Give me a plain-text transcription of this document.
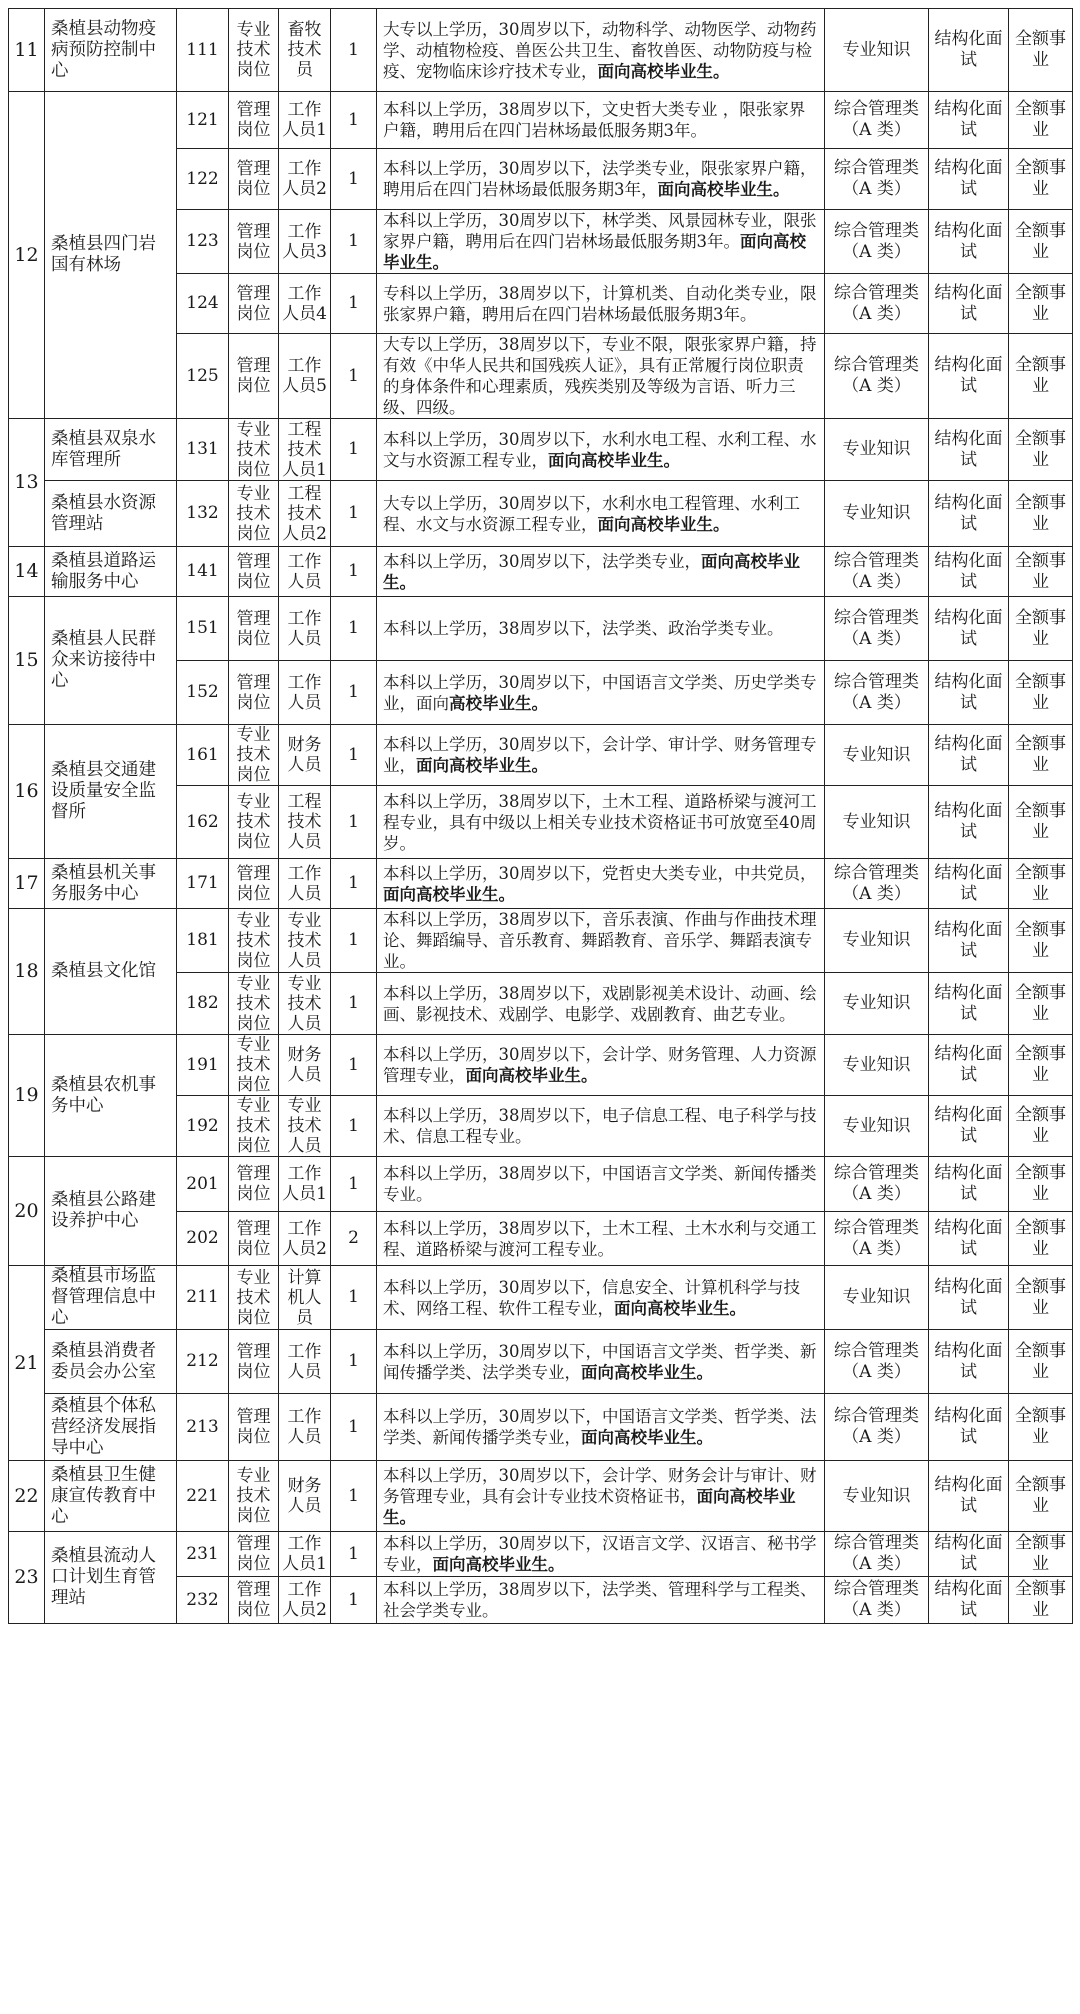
11	桑植县动物疫病预防控制中心	111	专业技术岗位	畜牧技术员	1	大专以上学历，30周岁以下，动物科学、动物医学、动物药学、动植物检疫、兽医公共卫生、畜牧兽医、动物防疫与检疫、宠物临床诊疗技术专业，面向高校毕业生。	专业知识	结构化面试	全额事业
12	桑植县四门岩国有林场	121	管理岗位	工作人员1	1	本科以上学历，38周岁以下，文史哲大类专业 ，限张家界户籍，聘用后在四门岩林场最低服务期3年。	综合管理类（A 类）	结构化面试	全额事业
		122	管理岗位	工作人员2	1	本科以上学历，30周岁以下，法学类专业，限张家界户籍，聘用后在四门岩林场最低服务期3年，面向高校毕业生。	综合管理类（A 类）	结构化面试	全额事业
		123	管理岗位	工作人员3	1	本科以上学历，30周岁以下，林学类、风景园林专业，限张家界户籍，聘用后在四门岩林场最低服务期3年。面向高校毕业生。	综合管理类（A 类）	结构化面试	全额事业
		124	管理岗位	工作人员4	1	专科以上学历，38周岁以下，计算机类、自动化类专业，限张家界户籍，聘用后在四门岩林场最低服务期3年。	综合管理类（A 类）	结构化面试	全额事业
		125	管理岗位	工作人员5	1	大专以上学历，38周岁以下，专业不限，限张家界户籍，持有效《中华人民共和国残疾人证》，具有正常履行岗位职责的身体条件和心理素质，残疾类别及等级为言语、听力三级、四级。	综合管理类（A 类）	结构化面试	全额事业
13	桑植县双泉水库管理所	131	专业技术岗位	工程技术人员1	1	本科以上学历，30周岁以下，水利水电工程、水利工程、水文与水资源工程专业，面向高校毕业生。	专业知识	结构化面试	全额事业
	桑植县水资源管理站	132	专业技术岗位	工程技术人员2	1	大专以上学历，30周岁以下，水利水电工程管理、水利工程、水文与水资源工程专业，面向高校毕业生。	专业知识	结构化面试	全额事业
14	桑植县道路运输服务中心	141	管理岗位	工作人员	1	本科以上学历，30周岁以下，法学类专业，面向高校毕业生。	综合管理类（A 类）	结构化面试	全额事业
15	桑植县人民群众来访接待中心	151	管理岗位	工作人员	1	本科以上学历，38周岁以下，法学类、政治学类专业。	综合管理类（A 类）	结构化面试	全额事业
		152	管理岗位	工作人员	1	本科以上学历，30周岁以下，中国语言文学类、历史学类专业，面向高校毕业生。	综合管理类（A 类）	结构化面试	全额事业
16	桑植县交通建设质量安全监督所	161	专业技术岗位	财务人员	1	本科以上学历，30周岁以下，会计学、审计学、财务管理专业，面向高校毕业生。	专业知识	结构化面试	全额事业
		162	专业技术岗位	工程技术人员	1	本科以上学历，38周岁以下，土木工程、道路桥梁与渡河工程专业，具有中级以上相关专业技术资格证书可放宽至40周岁。	专业知识	结构化面试	全额事业
17	桑植县机关事务服务中心	171	管理岗位	工作人员	1	本科以上学历，30周岁以下，党哲史大类专业，中共党员，面向高校毕业生。	综合管理类（A 类）	结构化面试	全额事业
18	桑植县文化馆	181	专业技术岗位	专业技术人员	1	本科以上学历，38周岁以下，音乐表演、作曲与作曲技术理论、舞蹈编导、音乐教育、舞蹈教育、音乐学、舞蹈表演专业。	专业知识	结构化面试	全额事业
		182	专业技术岗位	专业技术人员	1	本科以上学历，38周岁以下，戏剧影视美术设计、动画、绘画、影视技术、戏剧学、电影学、戏剧教育、曲艺专业。	专业知识	结构化面试	全额事业
19	桑植县农机事务中心	191	专业技术岗位	财务人员	1	本科以上学历，30周岁以下，会计学、财务管理、人力资源管理专业，面向高校毕业生。	专业知识	结构化面试	全额事业
		192	专业技术岗位	专业技术人员	1	本科以上学历，38周岁以下，电子信息工程、电子科学与技术、信息工程专业。	专业知识	结构化面试	全额事业
20	桑植县公路建设养护中心	201	管理岗位	工作人员1	1	本科以上学历，38周岁以下，中国语言文学类、新闻传播类专业。	综合管理类（A 类）	结构化面试	全额事业
		202	管理岗位	工作人员2	2	本科以上学历，38周岁以下，土木工程、土木水利与交通工程、道路桥梁与渡河工程专业。	综合管理类（A 类）	结构化面试	全额事业
21	桑植县市场监督管理信息中心	211	专业技术岗位	计算机人员	1	本科以上学历，30周岁以下，信息安全、计算机科学与技术、网络工程、软件工程专业，面向高校毕业生。	专业知识	结构化面试	全额事业
	桑植县消费者委员会办公室	212	管理岗位	工作人员	1	本科以上学历，30周岁以下，中国语言文学类、哲学类、新闻传播学类、法学类专业，面向高校毕业生。	综合管理类（A 类）	结构化面试	全额事业
	桑植县个体私营经济发展指导中心	213	管理岗位	工作人员	1	本科以上学历，30周岁以下，中国语言文学类、哲学类、法学类、新闻传播学类专业，面向高校毕业生。	综合管理类（A 类）	结构化面试	全额事业
22	桑植县卫生健康宣传教育中心	221	专业技术岗位	财务人员	1	本科以上学历，30周岁以下，会计学、财务会计与审计、财务管理专业，具有会计专业技术资格证书，面向高校毕业生。	专业知识	结构化面试	全额事业
23	桑植县流动人口计划生育管理站	231	管理岗位	工作人员1	1	本科以上学历，30周岁以下，汉语言文学、汉语言、秘书学专业，面向高校毕业生。	综合管理类（A 类）	结构化面试	全额事业
		232	管理岗位	工作人员2	1	本科以上学历，38周岁以下，法学类、管理科学与工程类、社会学类专业。	综合管理类（A 类）	结构化面试	全额事业
